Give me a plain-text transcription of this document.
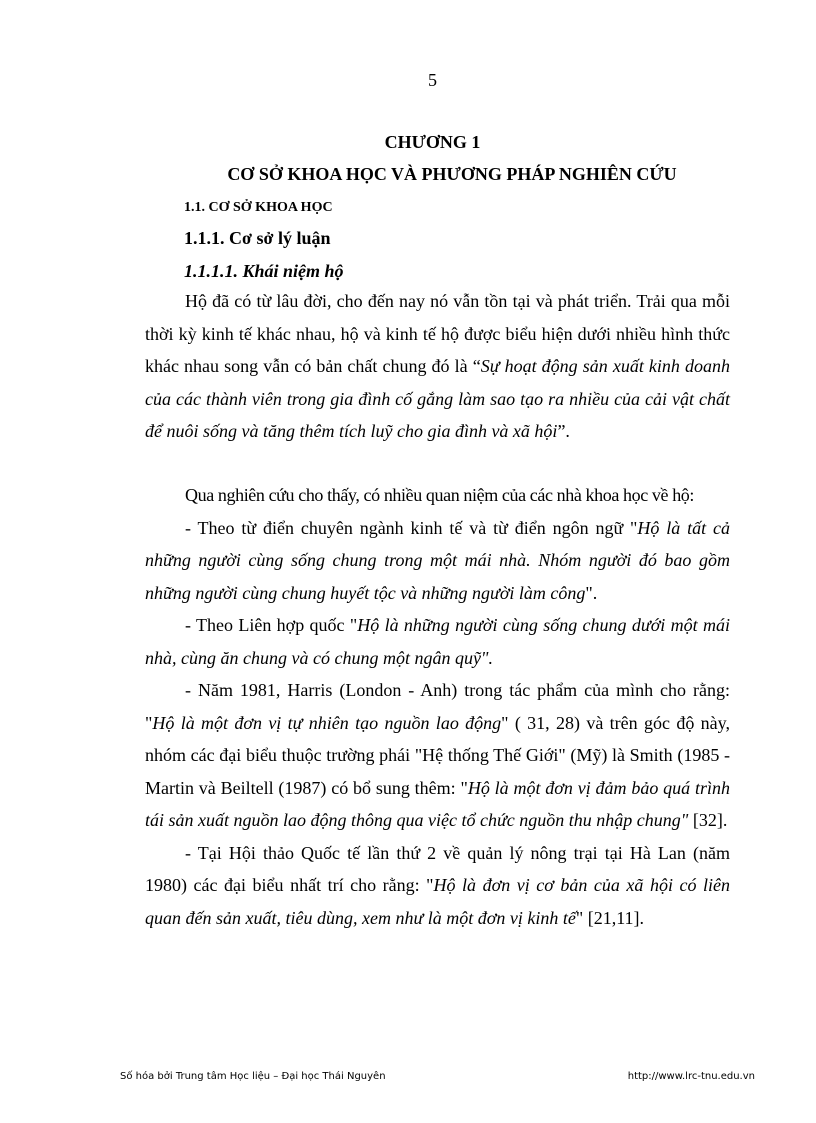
5
CHƯƠNG 1
CƠ SỞ KHOA HỌC VÀ PHƯƠNG PHÁP NGHIÊN CỨU
1.1. CƠ SỞ KHOA HỌC
1.1.1. Cơ sở lý luận
1.1.1.1. Khái niệm hộ

Hộ đã có từ lâu đời, cho đến nay nó vẫn tồn tại và phát triển. Trải qua mỗi thời kỳ kinh tế khác nhau, hộ và kinh tế hộ được biểu hiện dưới nhiều hình thức khác nhau song vẫn có bản chất chung đó là “Sự hoạt động sản xuất kinh doanh của các thành viên trong gia đình cố gắng làm sao tạo ra nhiều của cải vật chất để nuôi sống và tăng thêm tích luỹ cho gia đình và xã hội”.

Qua nghiên cứu cho thấy, có nhiều quan niệm của các nhà khoa học về hộ:

- Theo từ điển chuyên ngành kinh tế và từ điển ngôn ngữ "Hộ là tất cả những người cùng sống chung trong một mái nhà. Nhóm người đó bao gồm những người cùng chung huyết tộc và những người làm công".

- Theo Liên hợp quốc "Hộ là những người cùng sống chung dưới một mái nhà, cùng ăn chung và có chung một ngân quỹ".

- Năm 1981, Harris (London - Anh) trong tác phẩm của mình cho rằng: "Hộ là một đơn vị tự nhiên tạo nguồn lao động" ( 31, 28) và trên góc độ này, nhóm các đại biểu thuộc trường phái "Hệ thống Thế Giới" (Mỹ) là Smith (1985 - Martin và Beiltell (1987) có bổ sung thêm: "Hộ là một đơn vị đảm bảo quá trình tái sản xuất nguồn lao động thông qua việc tổ chức nguồn thu nhập chung" [32].

- Tại Hội thảo Quốc tế lần thứ 2 về quản lý nông trại tại Hà Lan (năm 1980) các đại biểu nhất trí cho rằng: "Hộ là đơn vị cơ bản của xã hội có liên quan đến sản xuất, tiêu dùng, xem như là một đơn vị kinh tế" [21,11].

Số hóa bởi Trung tâm Học liệu – Đại học Thái Nguyên	http://www.lrc-tnu.edu.vn
